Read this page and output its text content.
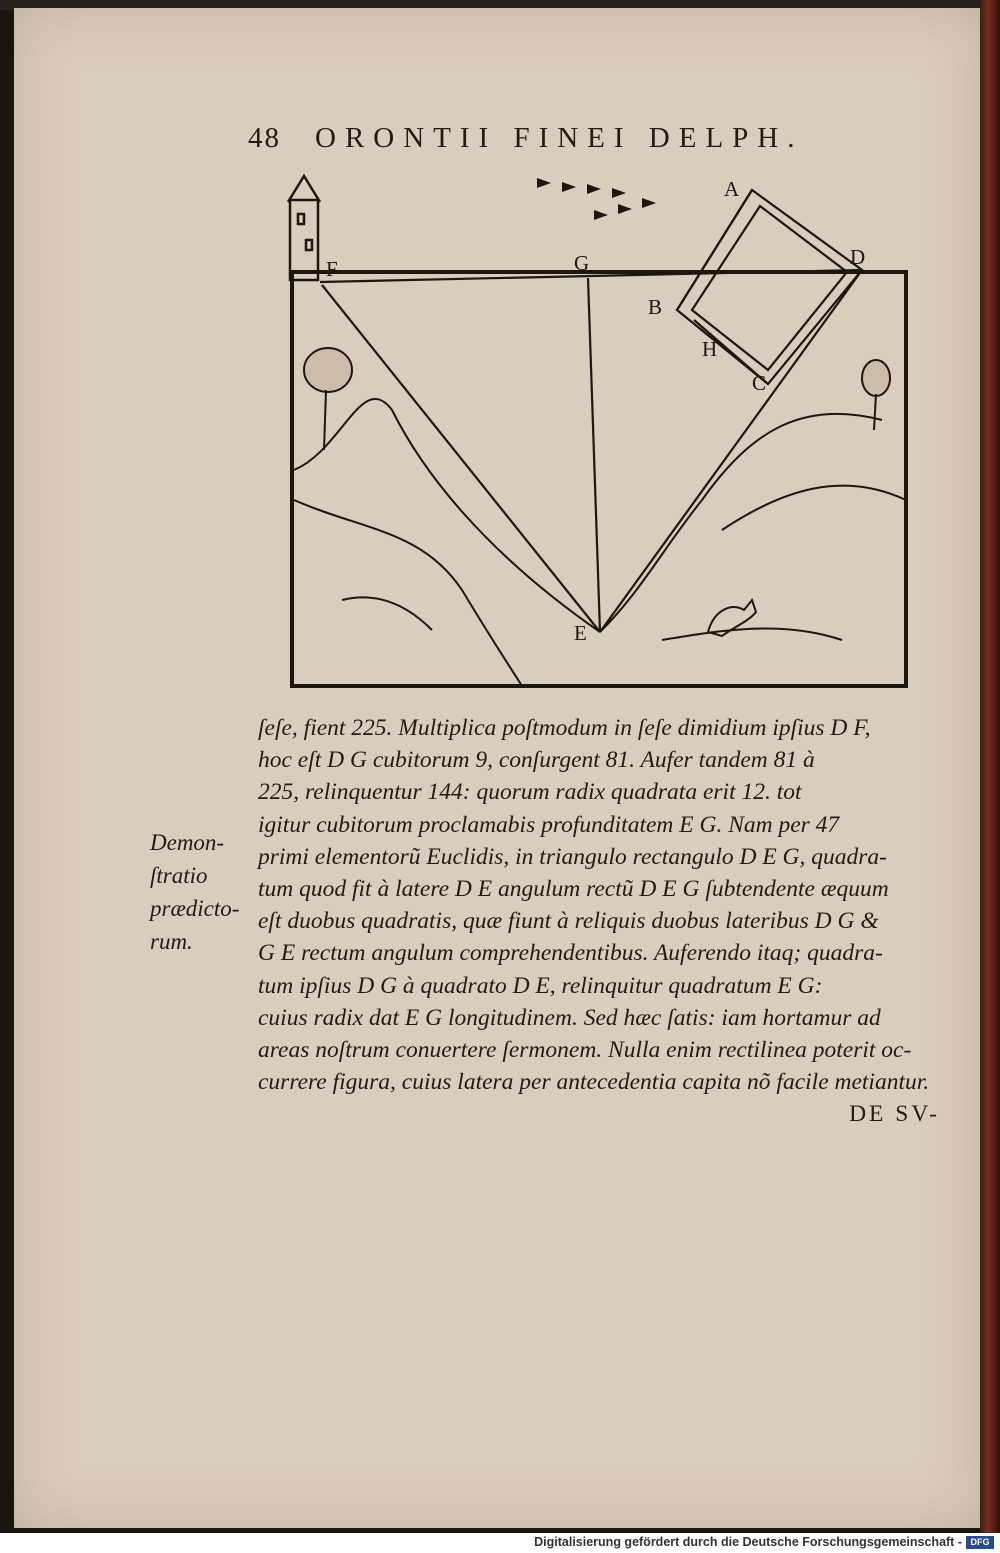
48 ORONTII FINEI DELPH.
F	G
A
D
B
H
C
E
Demon-
ſtratio
prædicto-
rum.
ſeſe, fient 225. Multiplica poſtmodum in ſeſe dimidium ipſius D F,
hoc eſt D G cubitorum 9, conſurgent 81. Aufer tandem 81 à
225, relinquentur 144: quorum radix quadrata erit 12. tot
igitur cubitorum proclamabis profunditatem E G. Nam per 47
primi elementorũ Euclidis, in triangulo rectangulo D E G, quadra-
tum quod fit à latere D E angulum rectũ D E G ſubtendente æquum
eſt duobus quadratis, quæ fiunt à reliquis duobus lateribus D G &
G E rectum angulum comprehendentibus. Auferendo itaq; quadra-
tum ipſius D G à quadrato D E, relinquitur quadratum E G:
cuius radix dat E G longitudinem. Sed hæc ſatis: iam hortamur ad
areas noſtrum conuertere ſermonem. Nulla enim rectilinea poterit oc-
currere figura, cuius latera per antecedentia capita nõ facile metiantur.
DE SV-
Digitalisierung gefördert durch die Deutsche Forschungsgemeinschaft - DFG
